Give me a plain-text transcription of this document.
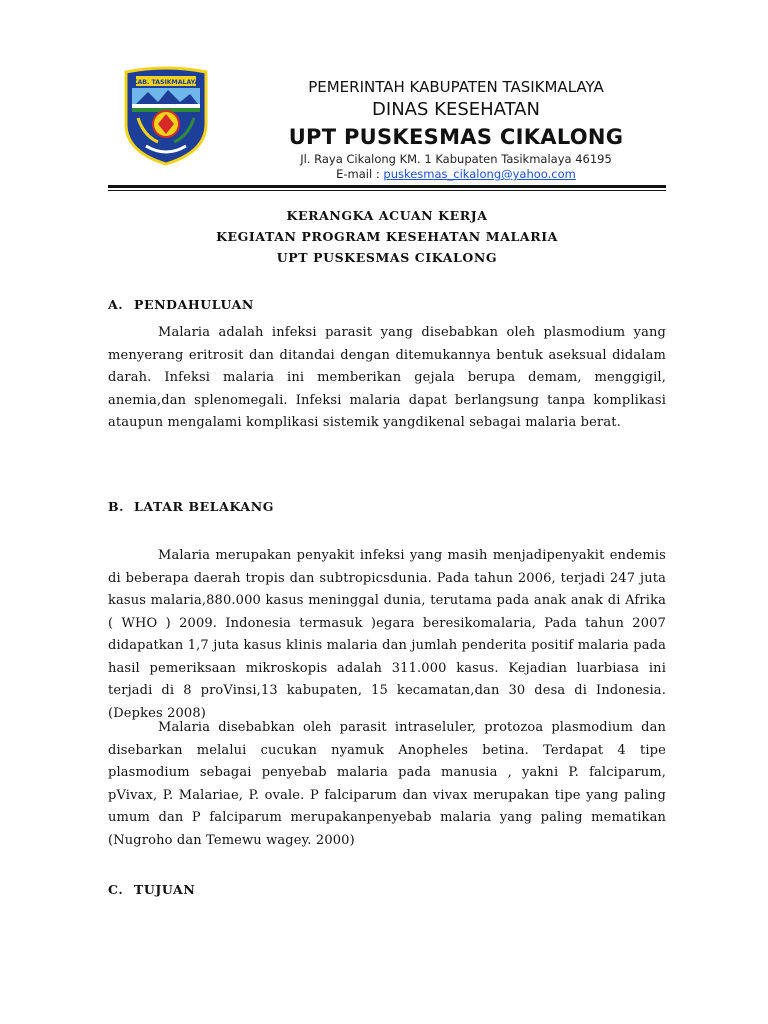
KAB. TASIKMALAYA	PEMERINTAH KABUPATEN TASIKMALAYA
DINAS KESEHATAN
UPT PUSKESMAS CIKALONG
Jl. Raya Cikalong KM. 1 Kabupaten Tasikmalaya 46195
E-mail : puskesmas_cikalong@yahoo.com
KERANGKA ACUAN KERJA
KEGIATAN PROGRAM KESEHATAN MALARIA
UPT PUSKESMAS CIKALONG
A. PENDAHULUAN

Malaria adalah infeksi parasit yang disebabkan oleh plasmodium yang menyerang eritrosit dan ditandai dengan ditemukannya bentuk aseksual didalam darah. Infeksi malaria ini memberikan gejala berupa demam, menggigil, anemia,dan splenomegali. Infeksi malaria dapat berlangsung tanpa komplikasi ataupun mengalami komplikasi sistemik yangdikenal sebagai malaria berat.

B. LATAR BELAKANG

Malaria merupakan penyakit infeksi yang masih menjadipenyakit endemis di beberapa daerah tropis dan subtropicsdunia. Pada tahun 2006, terjadi 247 juta kasus malaria,880.000 kasus meninggal dunia, terutama pada anak anak di Afrika ( WHO ) 2009. Indonesia termasuk )egara beresikomalaria, Pada tahun 2007 didapatkan 1,7 juta kasus klinis malaria dan jumlah penderita positif malaria pada hasil pemeriksaan mikroskopis adalah 311.000 kasus. Kejadian luarbiasa ini terjadi di 8 proVinsi,13 kabupaten, 15 kecamatan,dan 30 desa di Indonesia.(Depkes 2008)

Malaria disebabkan oleh parasit intraseluler, protozoa plasmodium dan disebarkan melalui cucukan nyamuk Anopheles betina. Terdapat 4 tipe plasmodium sebagai penyebab malaria pada manusia , yakni P. falciparum, pVivax, P. Malariae, P. ovale. P falciparum dan vivax merupakan tipe yang paling umum dan P falciparum merupakanpenyebab malaria yang paling mematikan (Nugroho dan Temewu wagey. 2000)

C. TUJUAN
